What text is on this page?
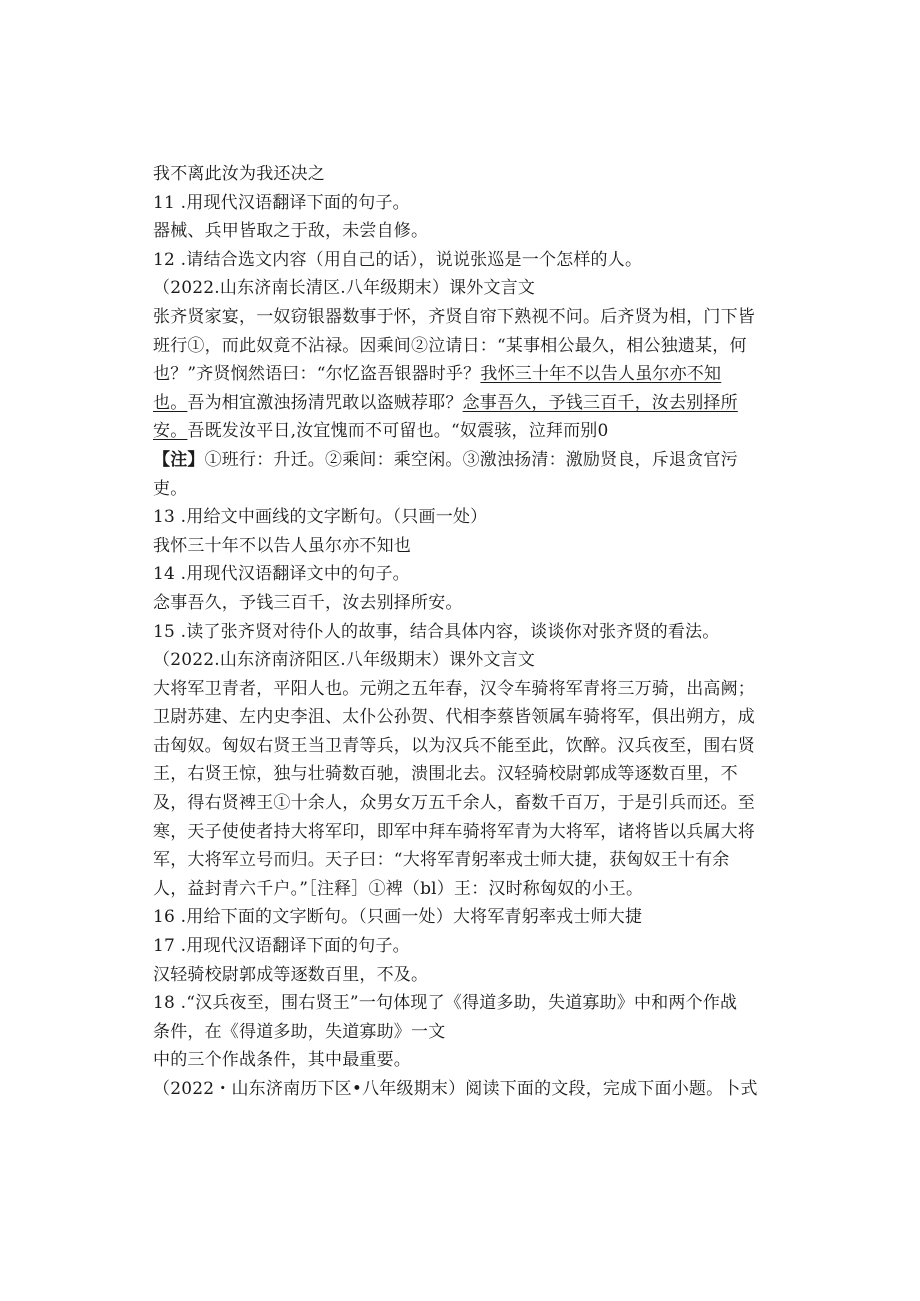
我不离此汝为我还决之
11 .用现代汉语翻译下面的句子。
器械、兵甲皆取之于敌，未尝自修。
12 .请结合选文内容（用自己的话），说说张巡是一个怎样的人。
（2022.山东济南长清区.八年级期末）课外文言文
张齐贤家宴，一奴窃银器数事于怀，齐贤自帘下熟视不问。后齐贤为相，门下皆
班行①，而此奴竟不沾禄。因乘间②泣请日：“某事相公最久，相公独遗某，何
也？”齐贤悯然语曰：“尔忆盗吾银器时乎？我怀三十年不以告人虽尔亦不知
也。吾为相宜激浊扬清咒敢以盗贼荐耶？念事吾久，予钱三百千，汝去别择所
安。吾既发汝平日,汝宜愧而不可留也。“奴震骇，泣拜而别0
【注】①班行：升迁。②乘间：乘空闲。③激浊扬清：激励贤良，斥退贪官污
吏。
13 .用给文中画线的文字断句。（只画一处）
我怀三十年不以告人虽尔亦不知也
14 .用现代汉语翻译文中的句子。
念事吾久，予钱三百千，汝去别择所安。
15 .读了张齐贤对待仆人的故事，结合具体内容，谈谈你对张齐贤的看法。
（2022.山东济南济阳区.八年级期末）课外文言文
大将军卫青者，平阳人也。元朔之五年春，汉令车骑将军青将三万骑，出高阙；
卫尉苏建、左内史李沮、太仆公孙贺、代相李蔡皆领属车骑将军，俱出朔方，成
击匈奴。匈奴右贤王当卫青等兵，以为汉兵不能至此，饮醉。汉兵夜至，围右贤
王，右贤王惊，独与壮骑数百驰，溃围北去。汉轻骑校尉郭成等逐数百里，不
及，得右贤裨王①十余人，众男女万五千余人，畜数千百万，于是引兵而还。至
寒，天子使使者持大将军印，即军中拜车骑将军青为大将军，诸将皆以兵属大将
军，大将军立号而归。天子曰：“大将军青躬率戎士师大捷，获匈奴王十有余
人，益封青六千户。”［注释］①裨（bl）王：汉时称匈奴的小王。
16 .用给下面的文字断句。（只画一处）大将军青躬率戎士师大捷
17 .用现代汉语翻译下面的句子。
汉轻骑校尉郭成等逐数百里，不及。
18 .“汉兵夜至，围右贤王”一句体现了《得道多助，失道寡助》中和两个作战
条件，在《得道多助，失道寡助》一文
中的三个作战条件，其中最重要。
（2022・山东济南历下区•八年级期末）阅读下面的文段，完成下面小题。卜式
